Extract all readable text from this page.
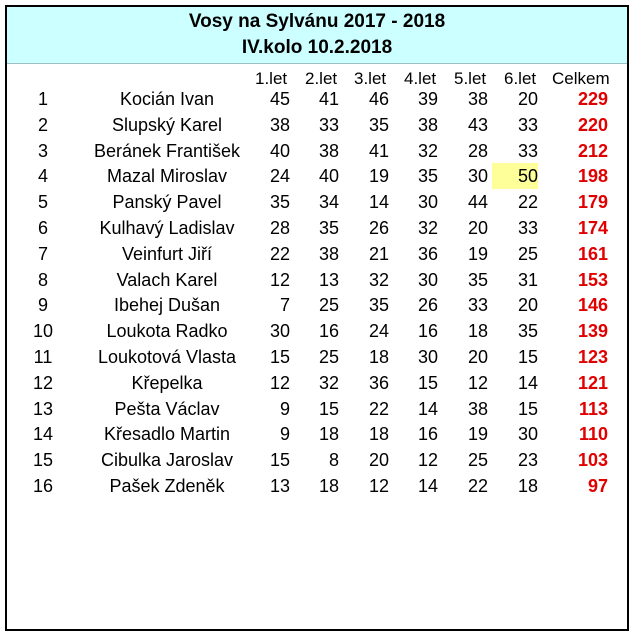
Vosy na Sylvánu 2017 - 2018
IV.kolo 10.2.2018
1.let 2.let 3.let 4.let 5.let 6.let Celkem
1	Kocián Ivan	45	41	46	39	38	20	229
2	Slupský Karel	38	33	35	38	43	33	220
3	Beránek František	40	38	41	32	28	33	212
4	Mazal Miroslav	24	40	19	35	30	50	198
5	Panský Pavel	35	34	14	30	44	22	179
6	Kulhavý Ladislav	28	35	26	32	20	33	174
7	Veinfurt Jiří	22	38	21	36	19	25	161
8	Valach Karel	12	13	32	30	35	31	153
9	Ibehej Dušan	7	25	35	26	33	20	146
10	Loukota Radko	30	16	24	16	18	35	139
11	Loukotová Vlasta	15	25	18	30	20	15	123
12	Křepelka	12	32	36	15	12	14	121
13	Pešta Václav	9	15	22	14	38	15	113
14	Křesadlo Martin	9	18	18	16	19	30	110
15	Cibulka Jaroslav	15	8	20	12	25	23	103
16	Pašek Zdeněk	13	18	12	14	22	18	97
